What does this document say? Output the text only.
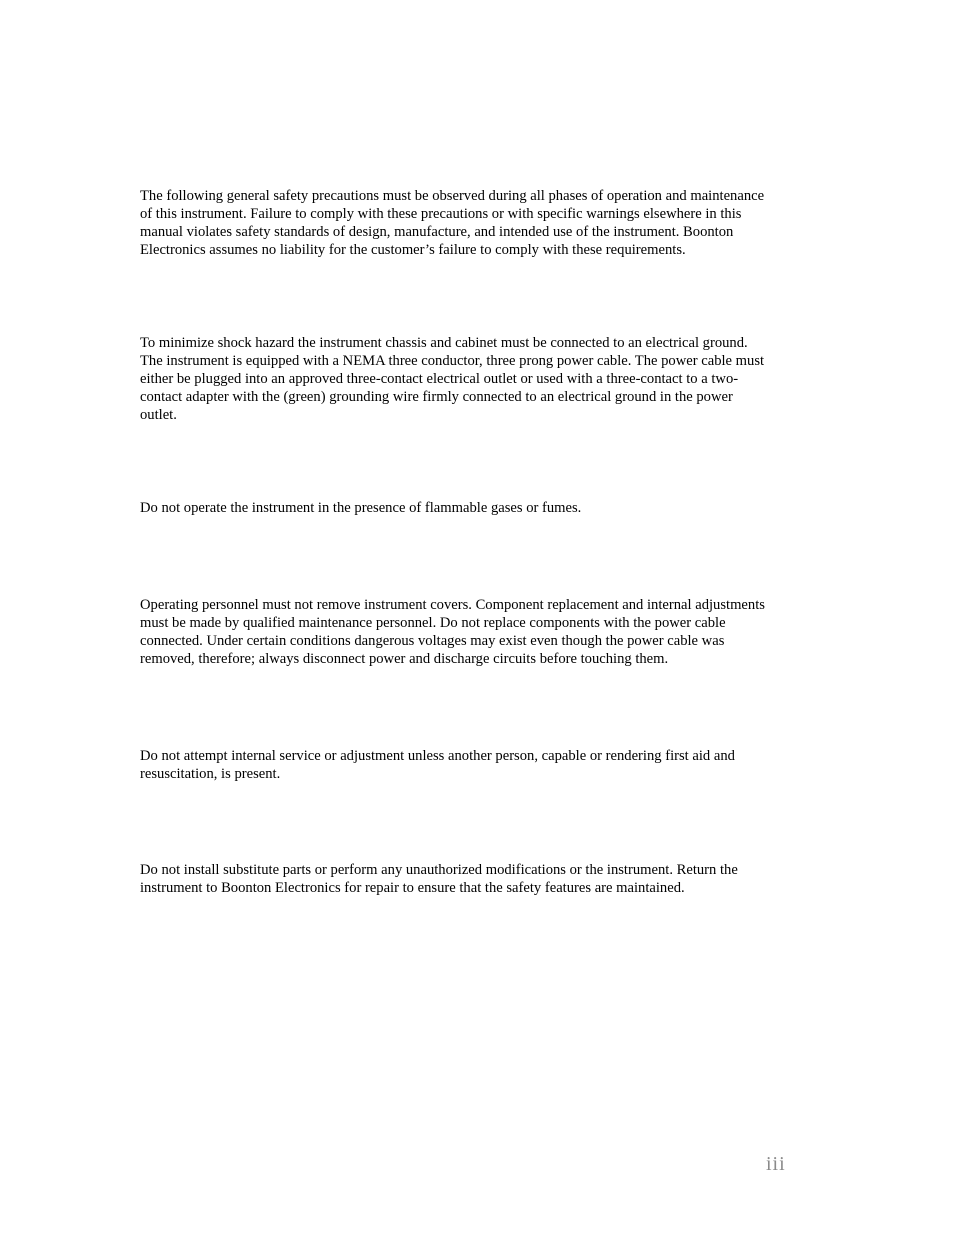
The following general safety precautions must be observed during all phases of operation and maintenance
of this instrument. Failure to comply with these precautions or with specific warnings elsewhere in this
manual violates safety standards of design, manufacture, and intended use of the instrument. Boonton
Electronics assumes no liability for the customer’s failure to comply with these requirements.

To minimize shock hazard the instrument chassis and cabinet must be connected to an electrical ground.
The instrument is equipped with a NEMA three conductor, three prong power cable. The power cable must
either be plugged into an approved three-contact electrical outlet or used with a three-contact to a two-
contact adapter with the (green) grounding wire firmly connected to an electrical ground in the power
outlet.

Do not operate the instrument in the presence of flammable gases or fumes.

Operating personnel must not remove instrument covers. Component replacement and internal adjustments
must be made by qualified maintenance personnel. Do not replace components with the power cable
connected. Under certain conditions dangerous voltages may exist even though the power cable was
removed, therefore; always disconnect power and discharge circuits before touching them.

Do not attempt internal service or adjustment unless another person, capable or rendering first aid and
resuscitation, is present.

Do not install substitute parts or perform any unauthorized modifications or the instrument. Return the
instrument to Boonton Electronics for repair to ensure that the safety features are maintained.

iii
